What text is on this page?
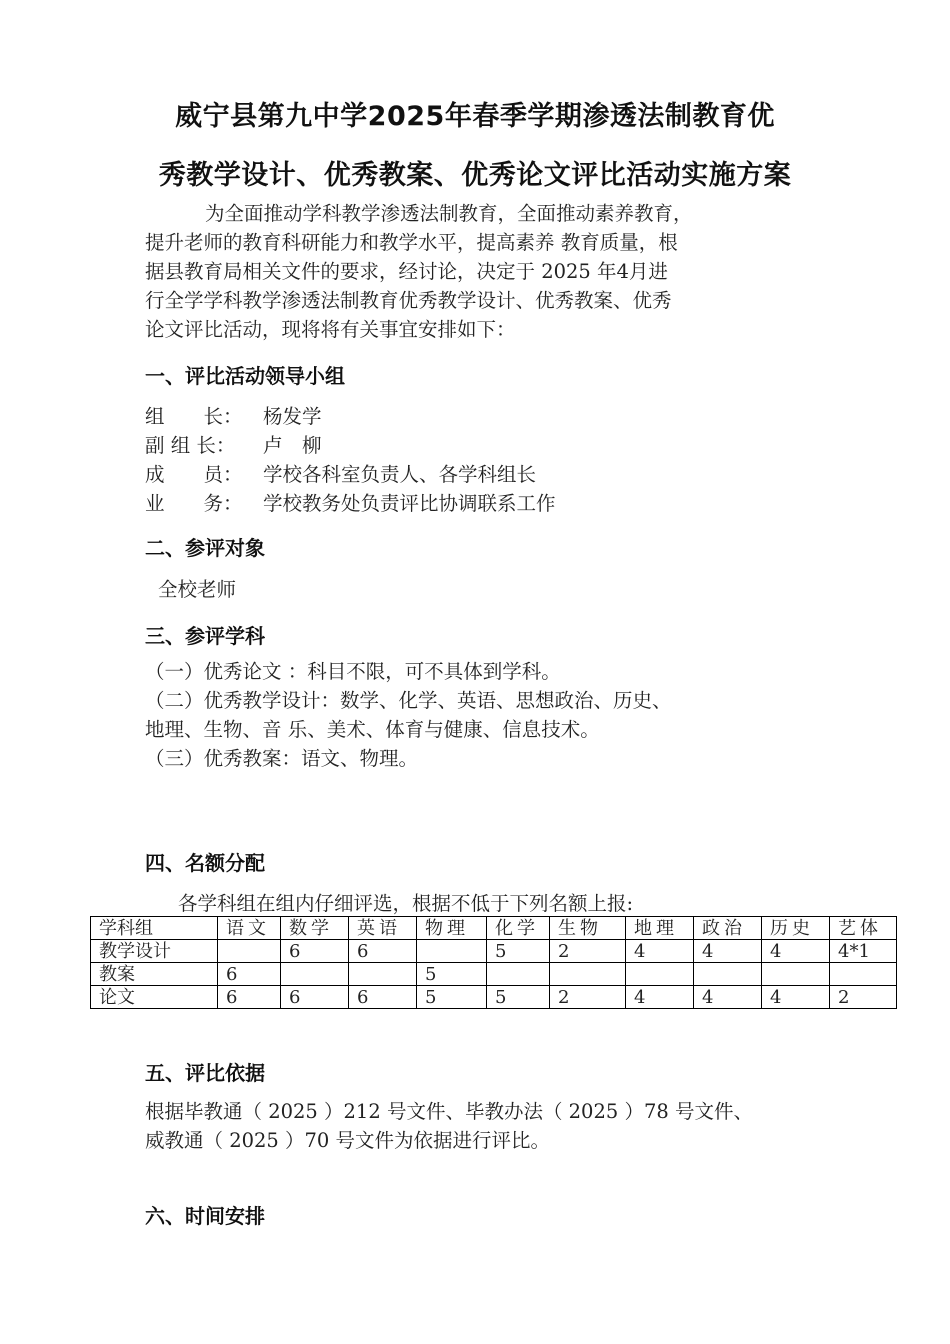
威宁县第九中学2025年春季学期渗透法制教育优
秀教学设计、优秀教案、优秀论文评比活动实施方案
为全面推动学科教学渗透法制教育，全面推动素养教育，
提升老师的教育科研能力和教学水平，提高素养 教育质量，根
据县教育局相关文件的要求，经讨论，决定于 2025 年4月进
行全学学科教学渗透法制教育优秀教学设计、优秀教案、优秀
论文评比活动，现将将有关事宜安排如下：
一、评比活动领导小组
组　　长： 杨发学
副 组 长： 卢　柳
成　　员： 学校各科室负责人、各学科组长
业　　务： 学校教务处负责评比协调联系工作
二、参评对象
全校老师
三、参评学科
（一）优秀论文 ：科目不限，可不具体到学科。
（二）优秀教学设计：数学、化学、英语、思想政治、历史、
地理、生物、音 乐、美术、体育与健康、信息技术。
（三）优秀教案：语文、物理。
四、名额分配
各学科组在组内仔细评选，根据不低于下列名额上报:
学科组	语文	数学	英语	物理	化学	生物	地理	政治	历史	艺体
教学设计		6	6		5	2	4	4	4	4*1
教案	6			5						
论文	6	6	6	5	5	2	4	4	4	2
五、评比依据
根据毕教通（ 2025 ）212 号文件、毕教办法（ 2025 ）78 号文件、
威教通（ 2025 ）70 号文件为依据进行评比。
六、时间安排
